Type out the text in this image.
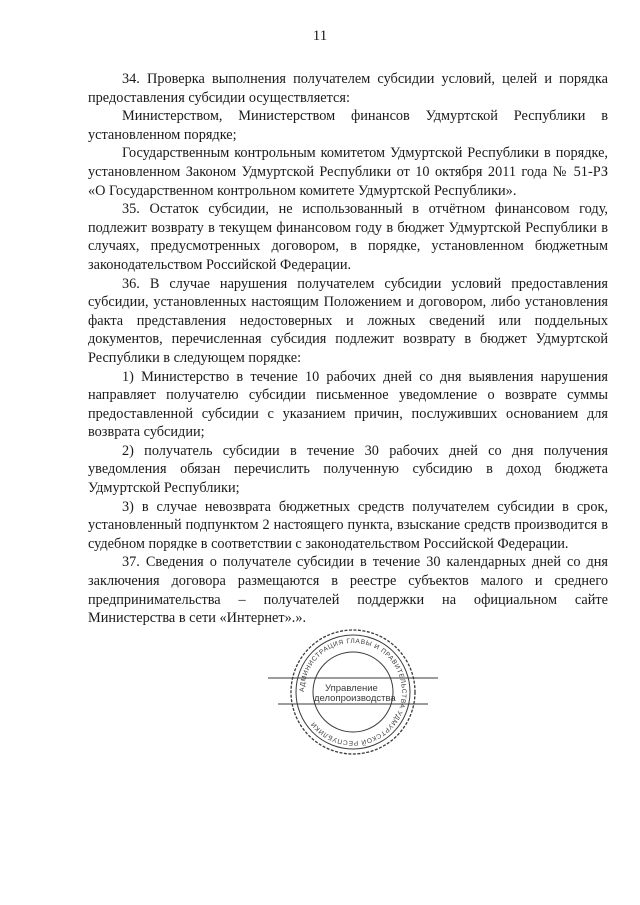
11

34. Проверка выполнения получателем субсидии условий, целей и порядка предоставления субсидии осуществляется:

Министерством, Министерством финансов Удмуртской Республики в установленном порядке;

Государственным контрольным комитетом Удмуртской Республики в порядке, установленном Законом Удмуртской Республики от 10 октября 2011 года № 51-РЗ «О Государственном контрольном комитете Удмуртской Республики».

35. Остаток субсидии, не использованный в отчётном финансовом году, подлежит возврату в текущем финансовом году в бюджет Удмуртской Республики в случаях, предусмотренных договором, в порядке, установленном бюджетным законодательством Российской Федерации.

36. В случае нарушения получателем субсидии условий предоставления субсидии, установленных настоящим Положением и договором, либо установления факта представления недостоверных и ложных сведений или поддельных документов, перечисленная субсидия подлежит возврату в бюджет Удмуртской Республики в следующем порядке:

1) Министерство в течение 10 рабочих дней со дня выявления нарушения направляет получателю субсидии письменное уведомление о возврате суммы предоставленной субсидии с указанием причин, послуживших основанием для возврата субсидии;

2) получатель субсидии в течение 30 рабочих дней со дня получения уведомления обязан перечислить полученную субсидию в доход бюджета Удмуртской Республики;

3) в случае невозврата бюджетных средств получателем субсидии в срок, установленный подпунктом 2 настоящего пункта, взыскание средств производится в судебном порядке в соответствии с законодательством Российской Федерации.

37. Сведения о получателе субсидии в течение 30 календарных дней со дня заключения договора размещаются в реестре субъектов малого и среднего предпринимательства – получателей поддержки на официальном сайте Министерства в сети «Интернет».».

АДМИНИСТРАЦИЯ ГЛАВЫ И ПРАВИТЕЛЬСТВА УДМУРТСКОЙ РЕСПУБЛИКИ
Управление
делопроизводства
